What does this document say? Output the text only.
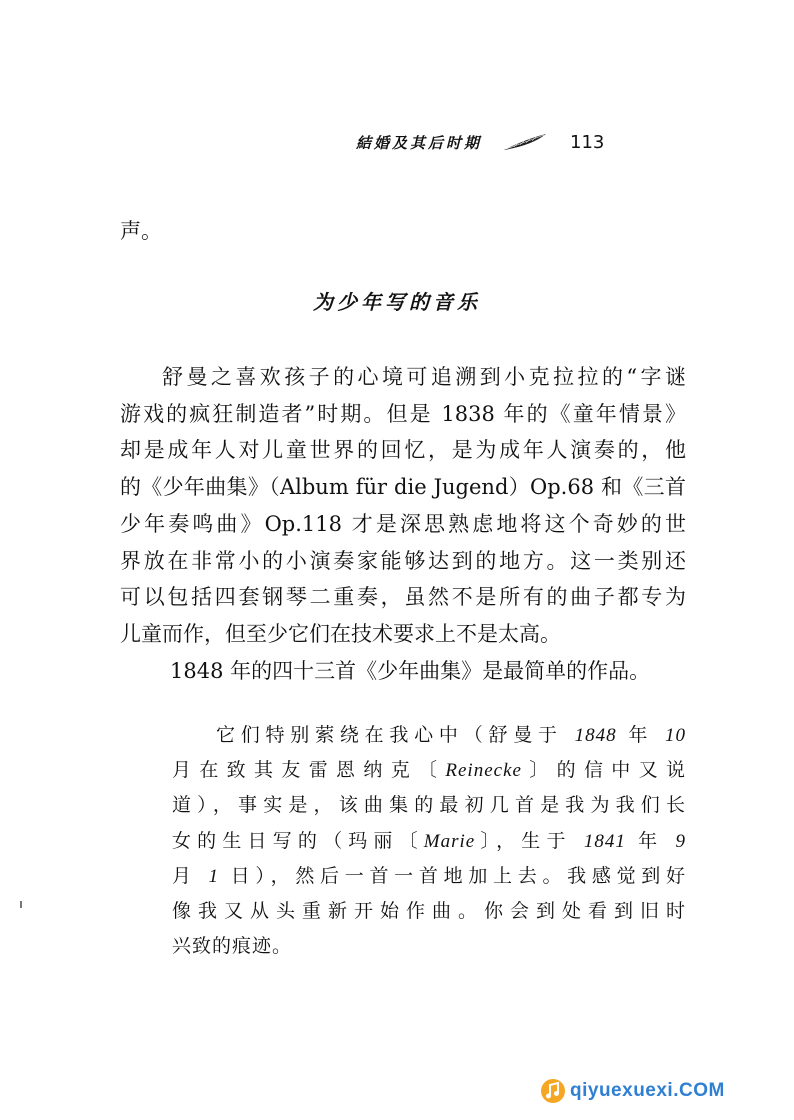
結婚及其后时期	113
声。
为少年写的音乐
舒曼之喜欢孩子的心境可追溯到小克拉拉的“字谜
游戏的疯狂制造者”时期。但是 1838 年的《童年情景》
却是成年人对儿童世界的回忆，是为成年人演奏的，他
的《少年曲集》（Album für die Jugend）Op.68 和《三首
少年奏鸣曲》Op.118 才是深思熟虑地将这个奇妙的世
界放在非常小的小演奏家能够达到的地方。这一类别还
可以包括四套钢琴二重奏，虽然不是所有的曲子都专为
儿童而作，但至少它们在技术要求上不是太高。
1848 年的四十三首《少年曲集》是最简单的作品。
它们特别萦绕在我心中（舒曼于 1848 年 10
月在致其友雷恩纳克〔Reinecke〕的信中又说
道），事实是，该曲集的最初几首是我为我们长
女的生日写的（玛丽〔Marie〕，生于 1841 年 9
月 1 日），然后一首一首地加上去。我感觉到好
像我又从头重新开始作曲。你会到处看到旧时
兴致的痕迹。
qiyuexuexi.COM
